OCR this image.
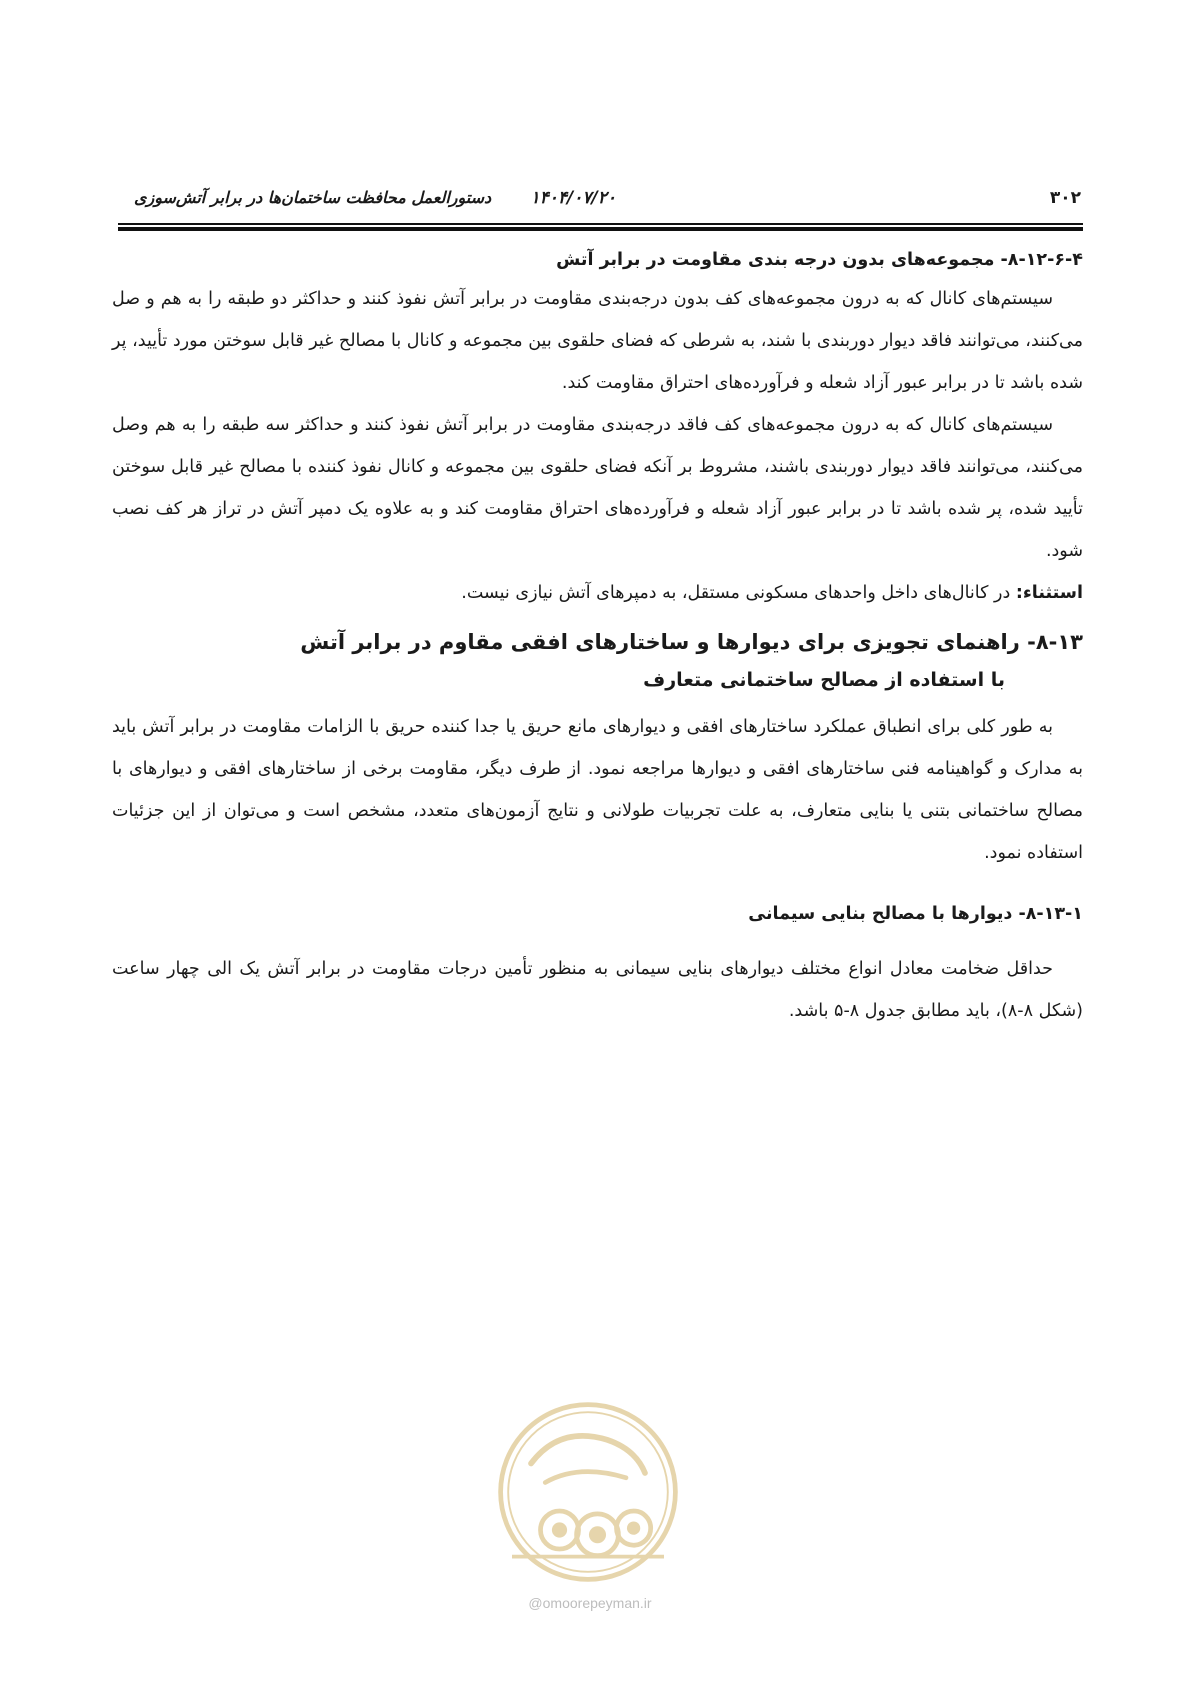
۳۰۲
۱۴۰۴/۰۷/۲۰
دستورالعمل محافظت ساختمان‌ها در برابر آتش‌سوزی
۸-۱۲-۶-۴- مجموعه‌های بدون درجه بندی مقاومت در برابر آتش

سیستم‌های کانال که به درون مجموعه‌های کف بدون درجه‌بندی مقاومت در برابر آتش نفوذ کنند و حداکثر دو طبقه را به هم و صل می‌کنند، می‌توانند فاقد دیوار دوربندی با شند، به شرطی که فضای حلقوی بین مجموعه و کانال با مصالح غیر قابل سوختن مورد تأیید، پر شده باشد تا در برابر عبور آزاد شعله و فرآورده‌های احتراق مقاومت کند.

سیستم‌های کانال که به درون مجموعه‌های کف فاقد درجه‌بندی مقاومت در برابر آتش نفوذ کنند و حداکثر سه طبقه را به هم وصل می‌کنند، می‌توانند فاقد دیوار دوربندی باشند، مشروط بر آنکه فضای حلقوی بین مجموعه و کانال نفوذ کننده با مصالح غیر قابل سوختن تأیید شده، پر شده باشد تا در برابر عبور آزاد شعله و فرآورده‌های احتراق مقاومت کند و به علاوه یک دمپر آتش در تراز هر کف نصب شود.

استثناء: در کانال‌های داخل واحدهای مسکونی مستقل، به دمپرهای آتش نیازی نیست.

۸-۱۳- راهنمای تجویزی برای دیوارها و ساختارهای افقی مقاوم در برابر آتش
با استفاده از مصالح ساختمانی متعارف

به طور کلی برای انطباق عملکرد ساختارهای افقی و دیوارهای مانع حریق یا جدا کننده حریق با الزامات مقاومت در برابر آتش باید به مدارک و گواهینامه فنی ساختارهای افقی و دیوارها مراجعه نمود. از طرف دیگر، مقاومت برخی از ساختارهای افقی و دیوارهای با مصالح ساختمانی بتنی یا بنایی متعارف، به علت تجربیات طولانی و نتایج آزمون‌های متعدد، مشخص است و می‌توان از این جزئیات استفاده نمود.

۸-۱۳-۱- دیوارها با مصالح بنایی سیمانی

حداقل ضخامت معادل انواع مختلف دیوارهای بنایی سیمانی به منظور تأمین درجات مقاومت در برابر آتش یک الی چهار ساعت (شکل ۸-۸)، باید مطابق جدول ۸-۵ باشد.

@omoorepeyman.ir
